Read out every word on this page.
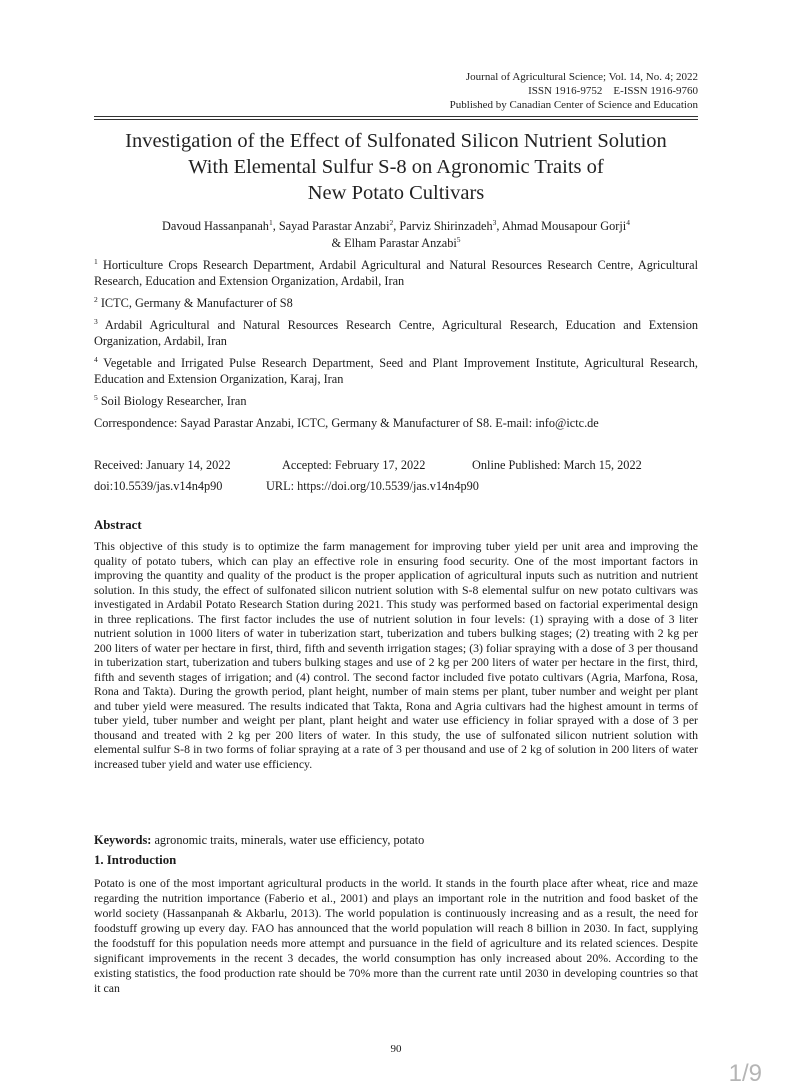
Journal of Agricultural Science; Vol. 14, No. 4; 2022
ISSN 1916-9752    E-ISSN 1916-9760
Published by Canadian Center of Science and Education
Investigation of the Effect of Sulfonated Silicon Nutrient Solution
With Elemental Sulfur S-8 on Agronomic Traits of
New Potato Cultivars
Davoud Hassanpanah$^1$, Sayad Parastar Anzabi$^2$, Parviz Shirinzadeh$^3$, Ahmad Mousapour Gorji$^4$
& Elham Parastar Anzabi$^5$
$^1$ Horticulture Crops Research Department, Ardabil Agricultural and Natural Resources Research Centre, Agricultural Research, Education and Extension Organization, Ardabil, Iran
$^2$ ICTC, Germany & Manufacturer of S8
$^3$ Ardabil Agricultural and Natural Resources Research Centre, Agricultural Research, Education and Extension Organization, Ardabil, Iran
$^4$ Vegetable and Irrigated Pulse Research Department, Seed and Plant Improvement Institute, Agricultural Research, Education and Extension Organization, Karaj, Iran
$^5$ Soil Biology Researcher, Iran
Correspondence: Sayad Parastar Anzabi, ICTC, Germany & Manufacturer of S8. E-mail: info@ictc.de
Received: January 14, 2022	Accepted: February 17, 2022	Online Published: March 15, 2022
doi:10.5539/jas.v14n4p90	URL: https://doi.org/10.5539/jas.v14n4p90
Abstract
This objective of this study is to optimize the farm management for improving tuber yield per unit area and improving the quality of potato tubers, which can play an effective role in ensuring food security. One of the most important factors in improving the quantity and quality of the product is the proper application of agricultural inputs such as nutrition and nutrient solution. In this study, the effect of sulfonated silicon nutrient solution with S-8 elemental sulfur on new potato cultivars was investigated in Ardabil Potato Research Station during 2021. This study was performed based on factorial experimental design in three replications. The first factor includes the use of nutrient solution in four levels: (1) spraying with a dose of 3 liter nutrient solution in 1000 liters of water in tuberization start, tuberization and tubers bulking stages; (2) treating with 2 kg per 200 liters of water per hectare in first, third, fifth and seventh irrigation stages; (3) foliar spraying with a dose of 3 per thousand in tuberization start, tuberization and tubers bulking stages and use of 2 kg per 200 liters of water per hectare in the first, third, fifth and seventh stages of irrigation; and (4) control. The second factor included five potato cultivars (Agria, Marfona, Rosa, Rona and Takta). During the growth period, plant height, number of main stems per plant, tuber number and weight per plant and tuber yield were measured. The results indicated that Takta, Rona and Agria cultivars had the highest amount in terms of tuber yield, tuber number and weight per plant, plant height and water use efficiency in foliar sprayed with a dose of 3 per thousand and treated with 2 kg per 200 liters of water. In this study, the use of sulfonated silicon nutrient solution with elemental sulfur S-8 in two forms of foliar spraying at a rate of 3 per thousand and use of 2 kg of solution in 200 liters of water increased tuber yield and water use efficiency.
Keywords: agronomic traits, minerals, water use efficiency, potato
1. Introduction
Potato is one of the most important agricultural products in the world. It stands in the fourth place after wheat, rice and maze regarding the nutrition importance (Faberio et al., 2001) and plays an important role in the nutrition and food basket of the world society (Hassanpanah & Akbarlu, 2013). The world population is continuously increasing and as a result, the need for foodstuff growing up every day. FAO has announced that the world population will reach 8 billion in 2030. In fact, supplying the foodstuff for this population needs more attempt and pursuance in the field of agriculture and its related sciences. Despite significant improvements in the recent 3 decades, the world consumption has only increased about 20%. According to the existing statistics, the food production rate should be 70% more than the current rate until 2030 in developing countries so that it can
90
1/9
